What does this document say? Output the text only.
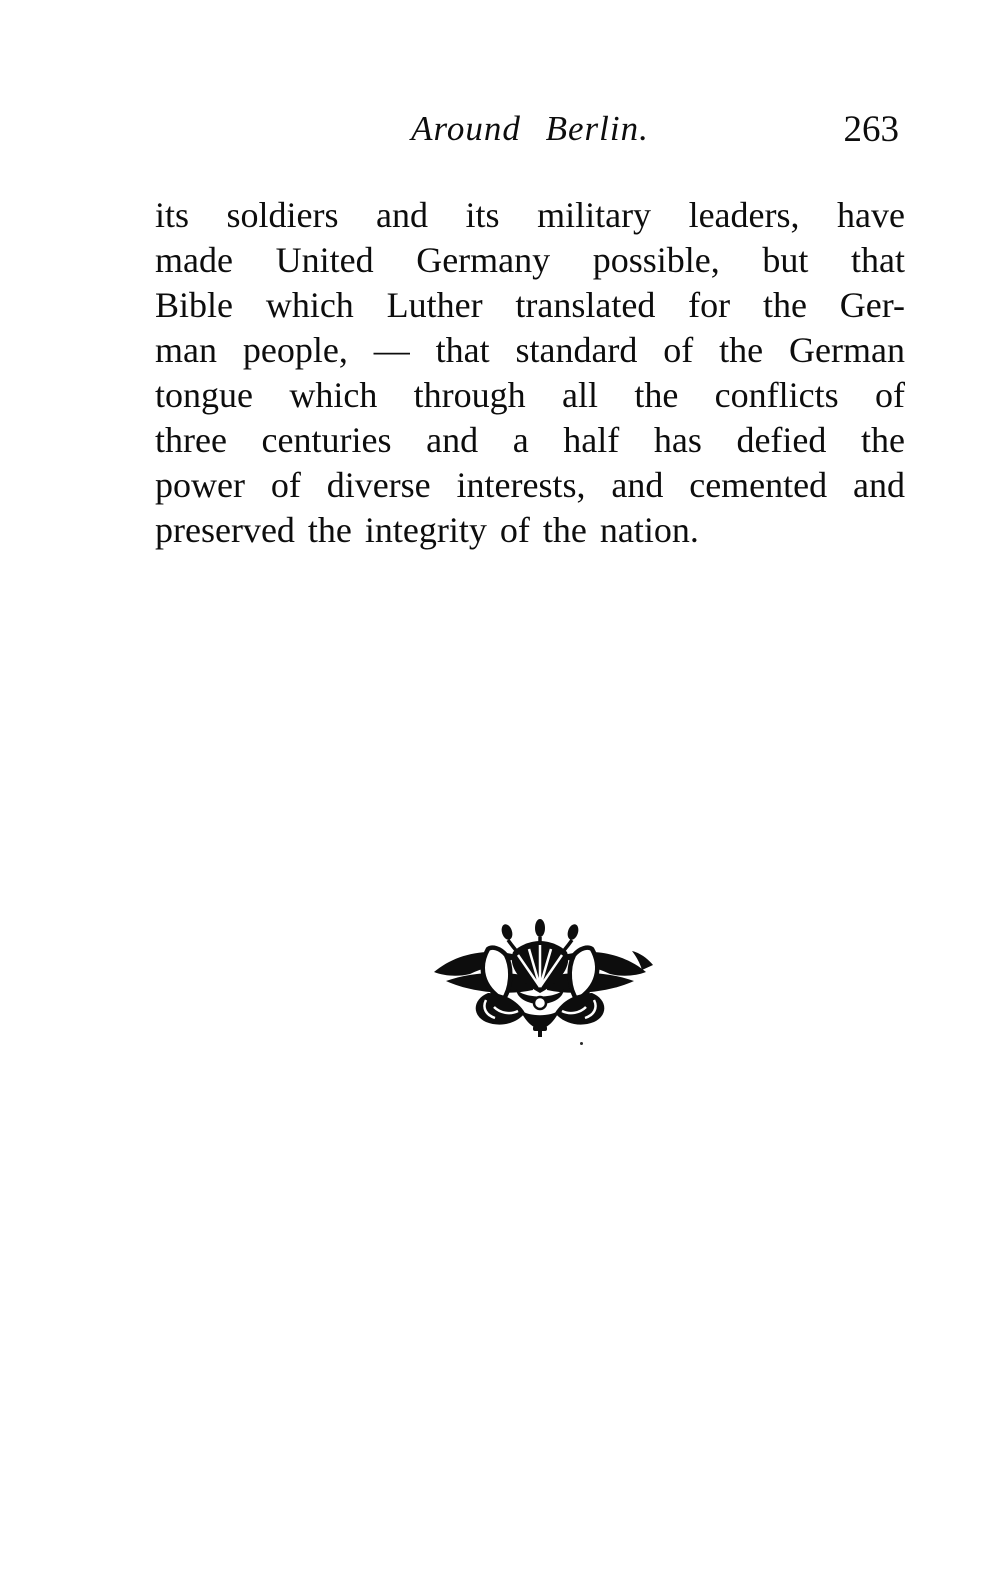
Around Berlin.	263
its soldiers and its military leaders, have
made United Germany possible, but that
Bible which Luther translated for the Ger-
man people, — that standard of the German
tongue which through all the conflicts of
three centuries and a half has defied the
power of diverse interests, and cemented and
preserved the integrity of the nation.
